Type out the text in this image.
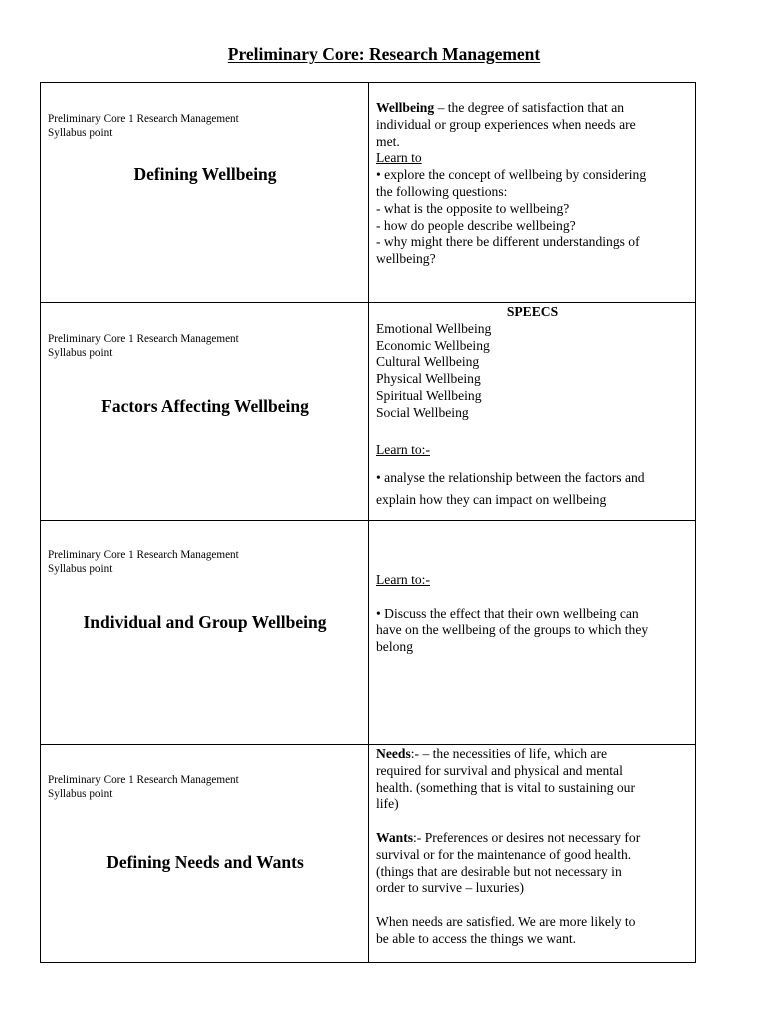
Preliminary Core: Research Management
Preliminary Core 1 Research Management
Syllabus point
Defining Wellbeing
Wellbeing – the degree of satisfaction that an
individual or group experiences when needs are
met.
Learn to
• explore the concept of wellbeing by considering
the following questions:
- what is the opposite to wellbeing?
- how do people describe wellbeing?
- why might there be different understandings of
wellbeing?
Preliminary Core 1 Research Management
Syllabus point
Factors Affecting Wellbeing
SPEECS
Emotional Wellbeing
Economic Wellbeing
Cultural Wellbeing
Physical Wellbeing
Spiritual Wellbeing
Social Wellbeing
Learn to:-
• analyse the relationship between the factors and
explain how they can impact on wellbeing
Preliminary Core 1 Research Management
Syllabus point
Individual and Group Wellbeing
Learn to:-
• Discuss the effect that their own wellbeing can
have on the wellbeing of the groups to which they
belong
Preliminary Core 1 Research Management
Syllabus point
Defining Needs and Wants
Needs:- – the necessities of life, which are
required for survival and physical and mental
health. (something that is vital to sustaining our
life)
Wants:- Preferences or desires not necessary for
survival or for the maintenance of good health.
(things that are desirable but not necessary in
order to survive – luxuries)
When needs are satisfied. We are more likely to
be able to access the things we want.
